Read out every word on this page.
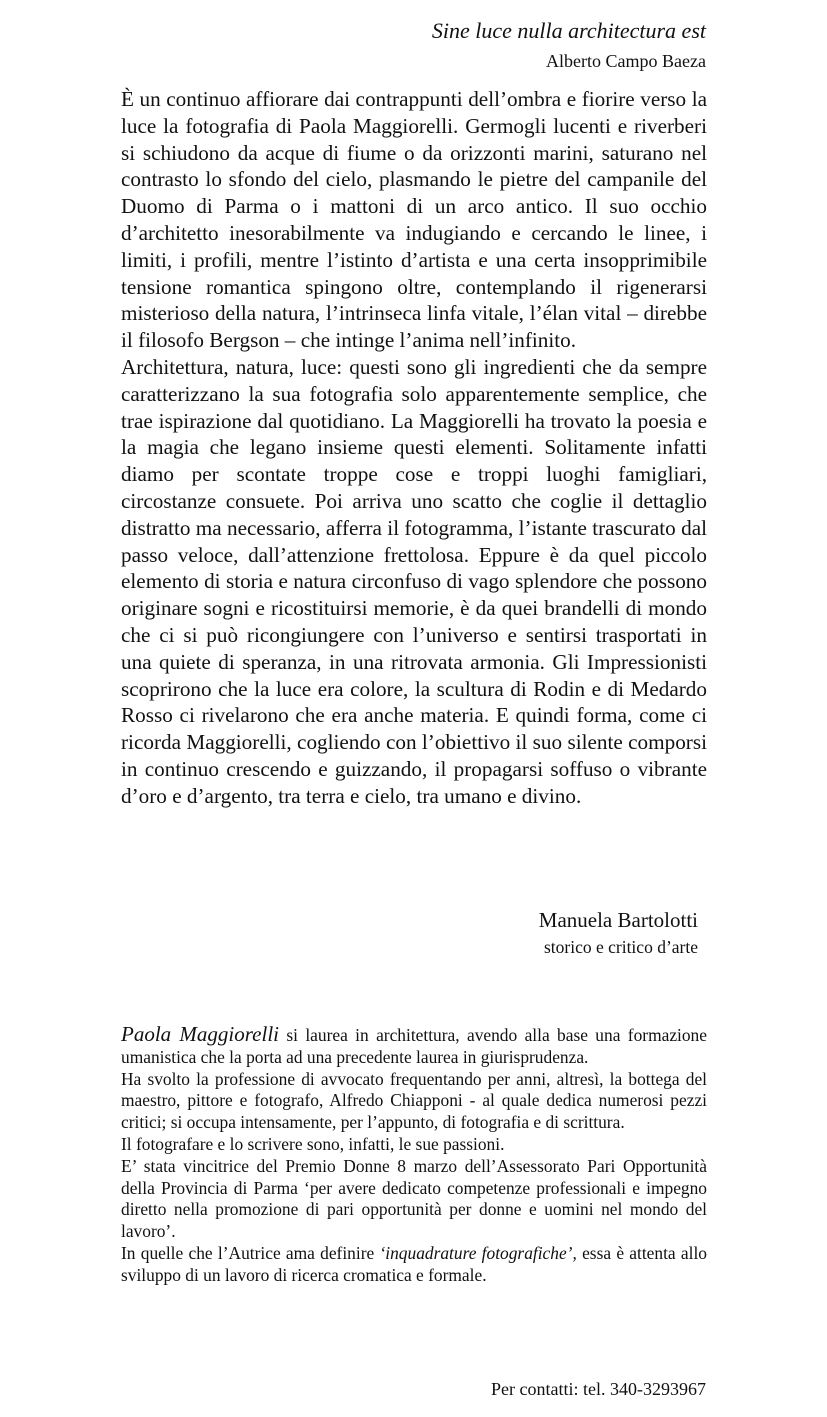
Sine luce nulla architectura est
Alberto Campo Baeza

È un continuo affiorare dai contrappunti dell’ombra e fiorire verso la luce la fotografia di Paola Maggiorelli. Germogli lucenti e riverberi si schiudono da acque di fiume o da orizzonti marini, saturano nel contrasto lo sfondo del cielo, plasmando le pietre del campanile del Duomo di Parma o i mattoni di un arco antico. Il suo occhio d’architetto inesorabilmente va indugiando e cercando le linee, i limiti, i profili, mentre l’istinto d’artista e una certa insopprimibile tensione romantica spingono oltre, contemplando il rigenerarsi misterioso della natura, l’intrinseca linfa vitale, l’élan vital – direbbe il filosofo Bergson – che intinge l’anima nell’infinito.

Architettura, natura, luce: questi sono gli ingredienti che da sempre caratterizzano la sua fotografia solo apparentemente semplice, che trae ispirazione dal quotidiano. La Maggiorelli ha trovato la poesia e la magia che legano insieme questi elementi. Solitamente infatti diamo per scontate troppe cose e troppi luoghi famigliari, circostanze consuete. Poi arriva uno scatto che coglie il dettaglio distratto ma necessario, afferra il fotogramma, l’istante trascurato dal passo veloce, dall’attenzione frettolosa. Eppure è da quel piccolo elemento di storia e natura circonfuso di vago splendore che possono originare sogni e ricostituirsi memorie, è da quei brandelli di mondo che ci si può ricongiungere con l’universo e sentirsi trasportati in una quiete di speranza, in una ritrovata armonia. Gli Impressionisti scoprirono che la luce era colore, la scultura di Rodin e di Medardo Rosso ci rivelarono che era anche materia. E quindi forma, come ci ricorda Maggiorelli, cogliendo con l’obiettivo il suo silente comporsi in continuo crescendo e guizzando, il propagarsi soffuso o vibrante d’oro e d’argento, tra terra e cielo, tra umano e divino.

Manuela Bartolotti
storico e critico d’arte

Paola Maggiorelli si laurea in architettura, avendo alla base una formazione umanistica che la porta ad una precedente laurea in giurisprudenza.

Ha svolto la professione di avvocato frequentando per anni, altresì, la bottega del maestro, pittore e fotografo, Alfredo Chiapponi - al quale dedica numerosi pezzi critici; si occupa intensamente, per l’appunto, di fotografia e di scrittura.

Il fotografare e lo scrivere sono, infatti, le sue passioni.

E’ stata vincitrice del Premio Donne 8 marzo dell’Assessorato Pari Opportunità della Provincia di Parma ‘per avere dedicato competenze professionali e impegno diretto nella promozione di pari opportunità per donne e uomini nel mondo del lavoro’.

In quelle che l’Autrice ama definire ‘inquadrature fotografiche’, essa è attenta allo sviluppo di un lavoro di ricerca cromatica e formale.

Per contatti: tel. 340-3293967
